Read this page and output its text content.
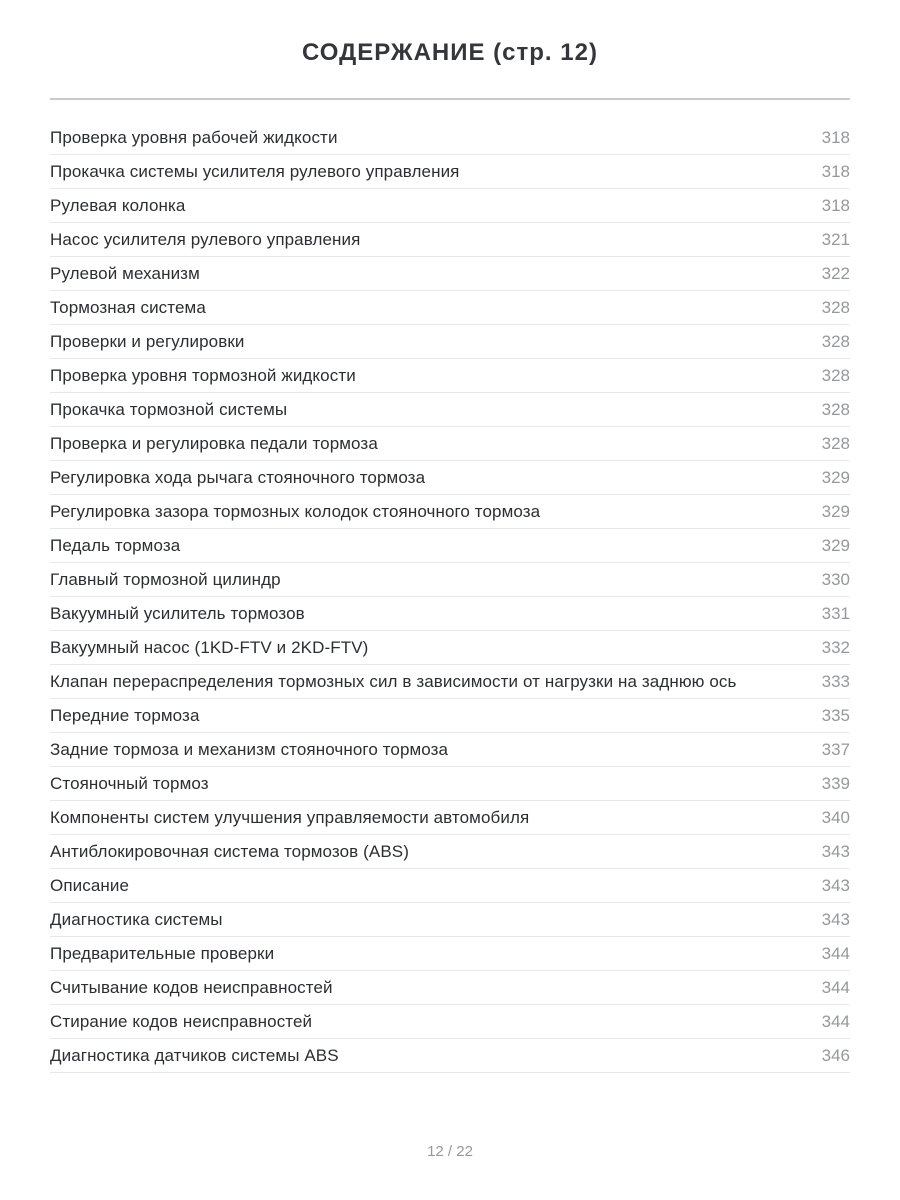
СОДЕРЖАНИЕ (стр. 12)
Проверка уровня рабочей жидкости	318
Прокачка системы усилителя рулевого управления	318
Рулевая колонка	318
Насос усилителя рулевого управления	321
Рулевой механизм	322
Тормозная система	328
Проверки и регулировки	328
Проверка уровня тормозной жидкости	328
Прокачка тормозной системы	328
Проверка и регулировка педали тормоза	328
Регулировка хода рычага стояночного тормоза	329
Регулировка зазора тормозных колодок стояночного тормоза	329
Педаль тормоза	329
Главный тормозной цилиндр	330
Вакуумный усилитель тормозов	331
Вакуумный насос (1KD-FTV и 2KD-FTV)	332
Клапан перераспределения тормозных сил в зависимости от нагрузки на заднюю ось	333
Передние тормоза	335
Задние тормоза и механизм стояночного тормоза	337
Стояночный тормоз	339
Компоненты систем улучшения управляемости автомобиля	340
Антиблокировочная система тормозов (ABS)	343
Описание	343
Диагностика системы	343
Предварительные проверки	344
Считывание кодов неисправностей	344
Стирание кодов неисправностей	344
Диагностика датчиков системы ABS	346
12 / 22
